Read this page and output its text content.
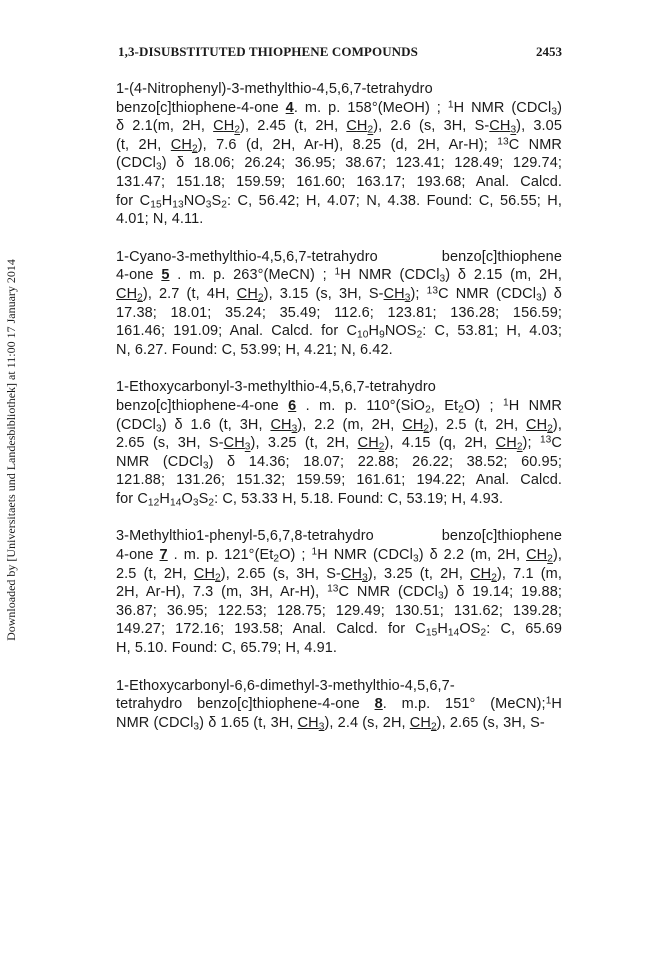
1,3-DISUBSTITUTED THIOPHENE COMPOUNDS	2453
Downloaded by [Universitaets und Landesbibliothek] at 11:00 17 January 2014
1-(4-Nitrophenyl)-3-methylthio-4,5,6,7-tetrahydro
benzo[c]thiophene-4-one 4. m. p. 158°(MeOH) ; $^1$H NMR (CDCl$_3$)
δ 2.1(m, 2H, $CH_2$), 2.45 (t, 2H, $CH_2$), 2.6 (s, 3H, $S-CH_3$), 3.05
(t, 2H, $CH_2$), 7.6 (d, 2H, Ar-H), 8.25 (d, 2H, Ar-H); $^{13}$C NMR
(CDCl$_3$) δ 18.06; 26.24; 36.95; 38.67; 123.41; 128.49; 129.74;
131.47; 151.18; 159.59; 161.60; 163.17; 193.68; Anal. Calcd.
for $C_{15}H_{13}NO_3S_2$: C, 56.42; H, 4.07; N, 4.38. Found: C, 56.55; H,
4.01; N, 4.11.
1-Cyano-3-methylthio-4,5,6,7-tetrahydro benzo[c]thiophene
4-one 5 . m. p. 263°(MeCN) ; $^1$H NMR (CDCl$_3$) δ 2.15 (m, 2H,
$CH_2$), 2.7 (t, 4H, $CH_2$), 3.15 (s, 3H, $S-CH_3$); $^{13}$C NMR (CDCl$_3$) δ
17.38; 18.01; 35.24; 35.49; 112.6; 123.81; 136.28; 156.59;
161.46; 191.09; Anal. Calcd. for $C_{10}H_9NOS_2$: C, 53.81; H, 4.03;
N, 6.27. Found: C, 53.99; H, 4.21; N, 6.42.
1-Ethoxycarbonyl-3-methylthio-4,5,6,7-tetrahydro
benzo[c]thiophene-4-one 6 . m. p. 110°(SiO$_2$, $Et_2O$) ; $^1$H NMR
(CDCl$_3$) δ 1.6 (t, 3H, $CH_3$), 2.2 (m, 2H, $CH_2$), 2.5 (t, 2H, $CH_2$),
2.65 (s, 3H, $S-CH_3$), 3.25 (t, 2H, $CH_2$), 4.15 (q, 2H, $CH_2$); $^{13}$C
NMR (CDCl$_3$) δ 14.36; 18.07; 22.88; 26.22; 38.52; 60.95;
121.88; 131.26; 151.32; 159.59; 161.61; 194.22; Anal. Calcd.
for $C_{12}H_{14}O_3S_2$: C, 53.33 H, 5.18. Found: C, 53.19; H, 4.93.
3-Methylthio1-phenyl-5,6,7,8-tetrahydro benzo[c]thiophene
4-one 7 . m. p. $121^\circ(Et_2O)$ ; $^1$H NMR (CDCl$_3$) δ 2.2 (m, 2H, $CH_2$),
2.5 (t, 2H, $CH_2$), 2.65 (s, 3H, $S-CH_3$), 3.25 (t, 2H, $CH_2$), 7.1 (m,
2H, Ar-H), 7.3 (m, 3H, Ar-H), $^{13}$C NMR (CDCl$_3$) δ 19.14; 19.88;
36.87; 36.95; 122.53; 128.75; 129.49; 130.51; 131.62; 139.28;
149.27; 172.16; 193.58; Anal. Calcd. for $C_{15}H_{14}OS_2$: C, 65.69
H, 5.10. Found: C, 65.79; H, 4.91.
1-Ethoxycarbonyl-6,6-dimethyl-3-methylthio-4,5,6,7-
tetrahydro benzo[c]thiophene-4-one 8. m.p. 151° (MeCN);$^1$H
NMR (CDCl$_3$) δ 1.65 (t, 3H, $CH_3$), 2.4 (s, 2H, $CH_2$), 2.65 (s, 3H, S-
